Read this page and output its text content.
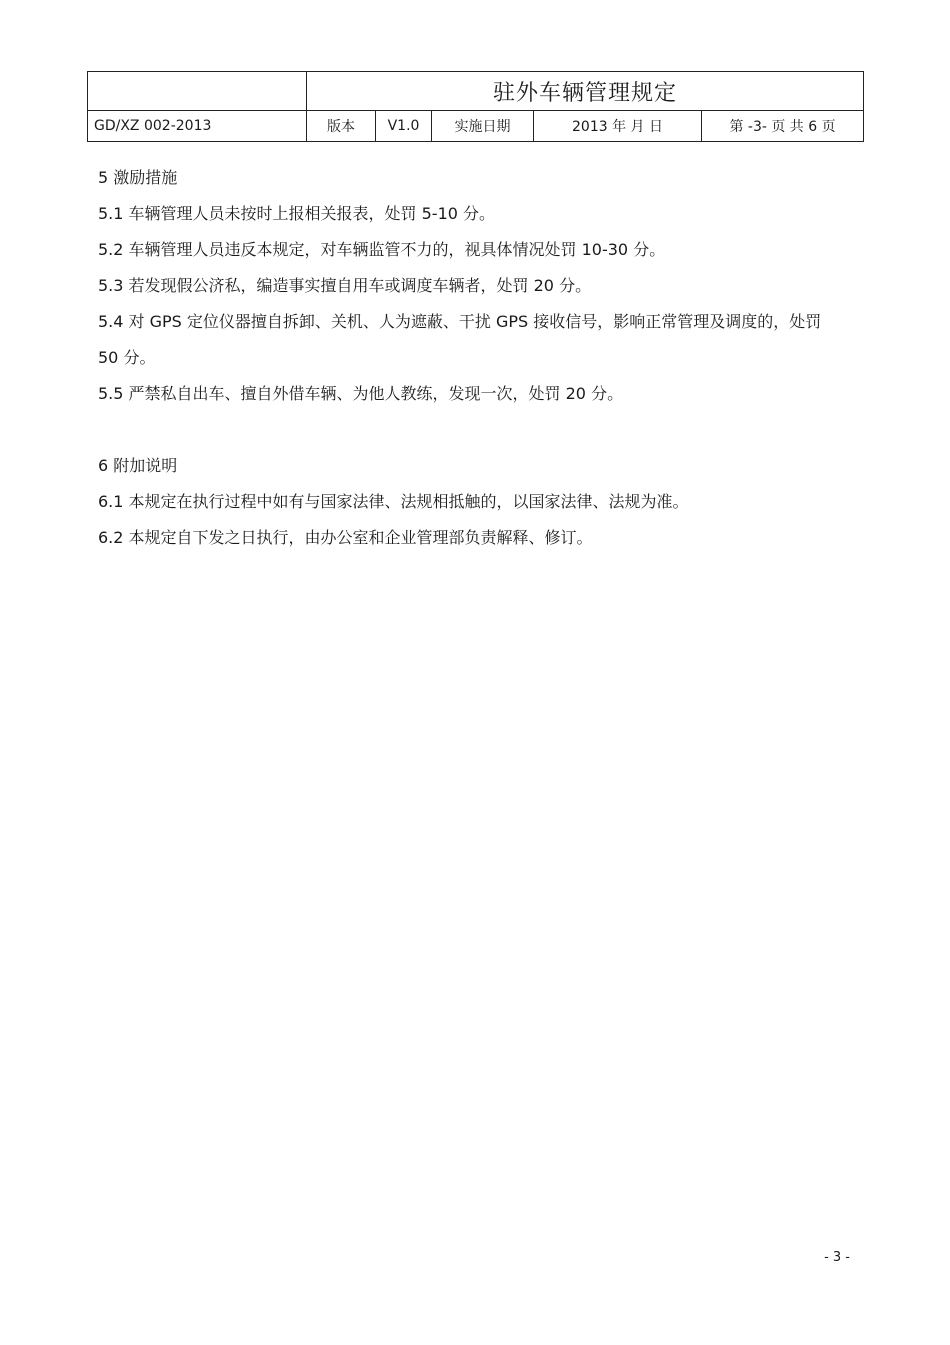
	驻外车辆管理规定				
GD/XZ 002-2013	版本	V1.0	实施日期	2013 年 月 日	第 -3- 页 共 6 页

5 激励措施

5.1 车辆管理人员未按时上报相关报表，处罚 5-10 分。

5.2 车辆管理人员违反本规定，对车辆监管不力的，视具体情况处罚 10-30 分。

5.3 若发现假公济私，编造事实擅自用车或调度车辆者，处罚 20 分。

5.4 对 GPS 定位仪器擅自拆卸、关机、人为遮蔽、干扰 GPS 接收信号，影响正常管理及调度的，处罚 50 分。

5.5 严禁私自出车、擅自外借车辆、为他人教练，发现一次，处罚 20 分。

6 附加说明

6.1 本规定在执行过程中如有与国家法律、法规相抵触的，以国家法律、法规为准。

6.2 本规定自下发之日执行，由办公室和企业管理部负责解释、修订。

- 3 -
